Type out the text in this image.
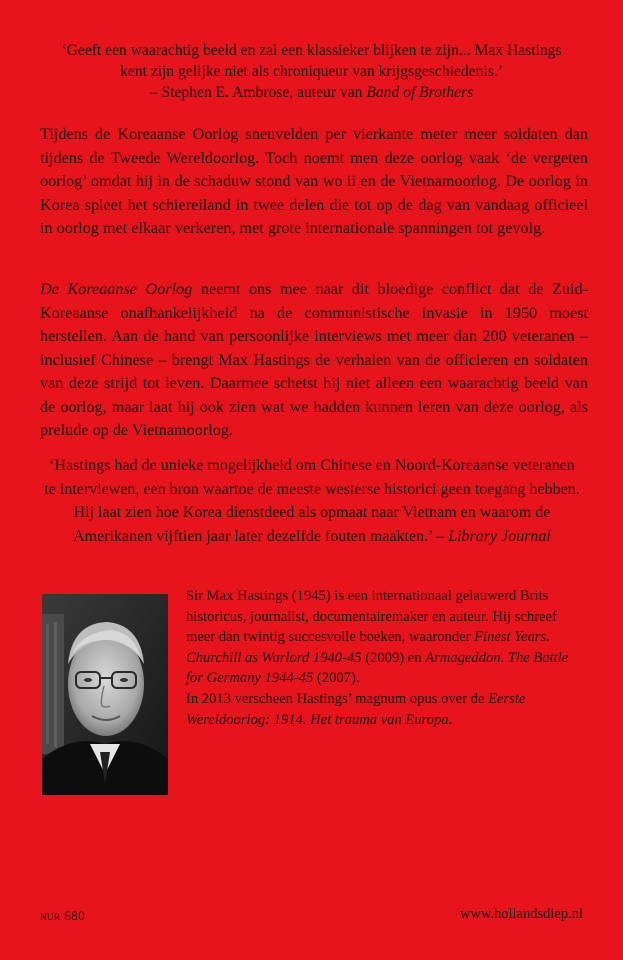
‘Geeft een waarachtig beeld en zal een klassieker blijken te zijn... Max Hastings kent zijn gelijke niet als chroniqueur van krijgsgeschiedenis.’
– Stephen E. Ambrose, auteur van Band of Brothers
Tijdens de Koreaanse Oorlog sneuvelden per vierkante meter meer soldaten dan tijdens de Tweede Wereldoorlog. Toch noemt men deze oorlog vaak ‘de vergeten oorlog’ omdat hij in de schaduw stond van wo ii en de Vietnamoorlog. De oorlog in Korea spleet het schiereiland in twee delen die tot op de dag van vandaag officieel in oorlog met elkaar verkeren, met grote internationale spanningen tot gevolg.
De Koreaanse Oorlog neemt ons mee naar dit bloedige conflict dat de Zuid-Koreaanse onafhankelijkheid na de communistische invasie in 1950 moest herstellen. Aan de hand van persoonlijke interviews met meer dan 200 veteranen – inclusief Chinese – brengt Max Hastings de verhalen van de officieren en soldaten van deze strijd tot leven. Daarmee schetst hij niet alleen een waarachtig beeld van de oorlog, maar laat hij ook zien wat we hadden kunnen leren van deze oorlog, als prelude op de Vietnamoorlog.
‘Hastings had de unieke mogelijkheid om Chinese en Noord-Koreaanse veteranen te interviewen, een bron waartoe de meeste westerse historici geen toegang hebben. Hij laat zien hoe Korea dienstdeed als opmaat naar Vietnam en waarom de Amerikanen vijftien jaar later dezelfde fouten maakten.’ – Library Journal
Sir Max Hastings (1945) is een internationaal gelauwerd Brits historicus, journalist, documentairemaker en auteur. Hij schreef meer dan twintig succesvolle boeken, waaronder Finest Years. Churchill as Warlord 1940-45 (2009) en Armageddon. The Battle for Germany 1944-45 (2007).
In 2013 verscheen Hastings’ magnum opus over de Eerste Wereldoorlog: 1914. Het trauma van Europa.
nur 680	www.hollandsdiep.nl
